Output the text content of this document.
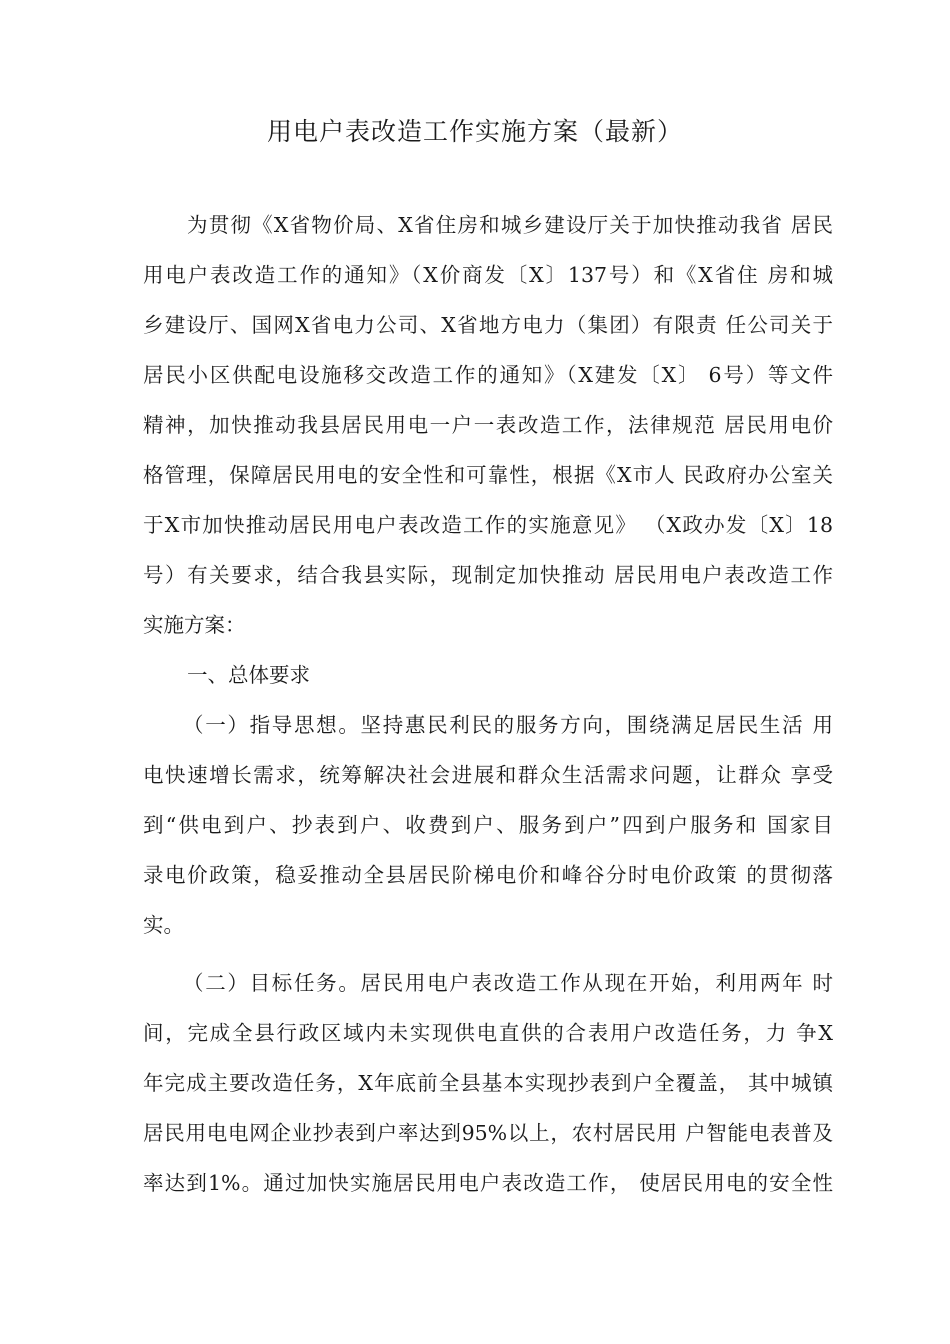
用电户表改造工作实施方案（最新）
为贯彻《X省物价局、X省住房和城乡建设厅关于加快推动我省 居民
用电户表改造工作的通知》（X价商发〔X〕137号）和《X省住 房和城
乡建设厅、国网X省电力公司、X省地方电力（集团）有限责 任公司关于
居民小区供配电设施移交改造工作的通知》（X建发〔X〕 6号）等文件
精神，加快推动我县居民用电一户一表改造工作，法律规范 居民用电价
格管理，保障居民用电的安全性和可靠性，根据《X市人 民政府办公室关
于X市加快推动居民用电户表改造工作的实施意见》 （X政办发〔X〕18
号）有关要求，结合我县实际，现制定加快推动 居民用电户表改造工作
实施方案：
一、总体要求
（一）指导思想。坚持惠民利民的服务方向，围绕满足居民生活 用
电快速增长需求，统筹解决社会进展和群众生活需求问题，让群众 享受
到“供电到户、抄表到户、收费到户、服务到户”四到户服务和 国家目
录电价政策，稳妥推动全县居民阶梯电价和峰谷分时电价政策 的贯彻落
实。
（二）目标任务。居民用电户表改造工作从现在开始，利用两年 时
间，完成全县行政区域内未实现供电直供的合表用户改造任务，力 争X
年完成主要改造任务，X年底前全县基本实现抄表到户全覆盖， 其中城镇
居民用电电网企业抄表到户率达到95%以上，农村居民用 户智能电表普及
率达到1%。通过加快实施居民用电户表改造工作， 使居民用电的安全性
